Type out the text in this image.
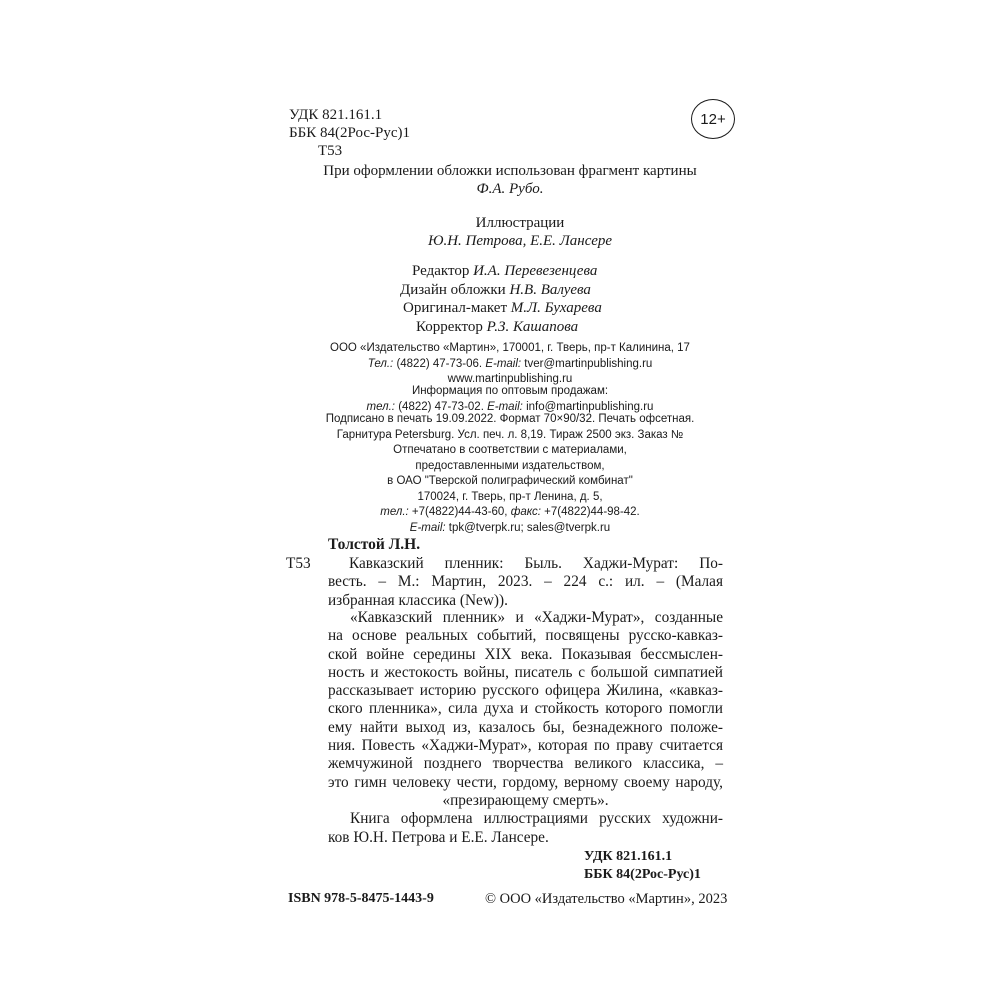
УДК 821.161.1
ББК 84(2Рос-Рус)1
Т53
12+
При оформлении обложки использован фрагмент картины
Ф.А. Рубо.
Иллюстрации
Ю.Н. Петрова, Е.Е. Лансере
Редактор И.А. Перевезенцева
Дизайн обложки Н.В. Валуева
Оригинал-макет М.Л. Бухарева
Корректор Р.З. Кашапова
ООО «Издательство «Мартин», 170001, г. Тверь, пр-т Калинина, 17
Тел.: (4822) 47-73-06. E-mail: tver@martinpublishing.ru
www.martinpublishing.ru
Информация по оптовым продажам:
тел.: (4822) 47-73-02. E-mail: info@martinpublishing.ru
Подписано в печать 19.09.2022. Формат 70×90/32. Печать офсетная.
Гарнитура Petersburg. Усл. печ. л. 8,19. Тираж 2500 экз. Заказ №
Отпечатано в соответствии с материалами,
предоставленными издательством,
в ОАО "Тверской полиграфический комбинат"
170024, г. Тверь, пр-т Ленина, д. 5,
тел.: +7(4822)44-43-60, факс: +7(4822)44-98-42.
E-mail: tpk@tverpk.ru; sales@tverpk.ru
Толстой Л.Н.
Т53	Кавказский пленник: Быль. Хаджи-Мурат: По-
весть. – М.: Мартин, 2023. – 224 с.: ил. – (Малая
избранная классика (New)).
«Кавказский пленник» и «Хаджи-Мурат», созданные
на основе реальных событий, посвящены русско-кавказ-
ской войне середины XIX века. Показывая бессмыслен-
ность и жестокость войны, писатель с большой симпатией
рассказывает историю русского офицера Жилина, «кавказ-
ского пленника», сила духа и стойкость которого помогли
ему найти выход из, казалось бы, безнадежного положе-
ния. Повесть «Хаджи-Мурат», которая по праву считается
жемчужиной позднего творчества великого классика, –
это гимн человеку чести, гордому, верному своему народу,
«презирающему смерть».
Книга оформлена иллюстрациями русских художни-
ков Ю.Н. Петрова и Е.Е. Лансере.
УДК 821.161.1
ББК 84(2Рос-Рус)1
ISBN 978-5-8475-1443-9	© ООО «Издательство «Мартин», 2023
